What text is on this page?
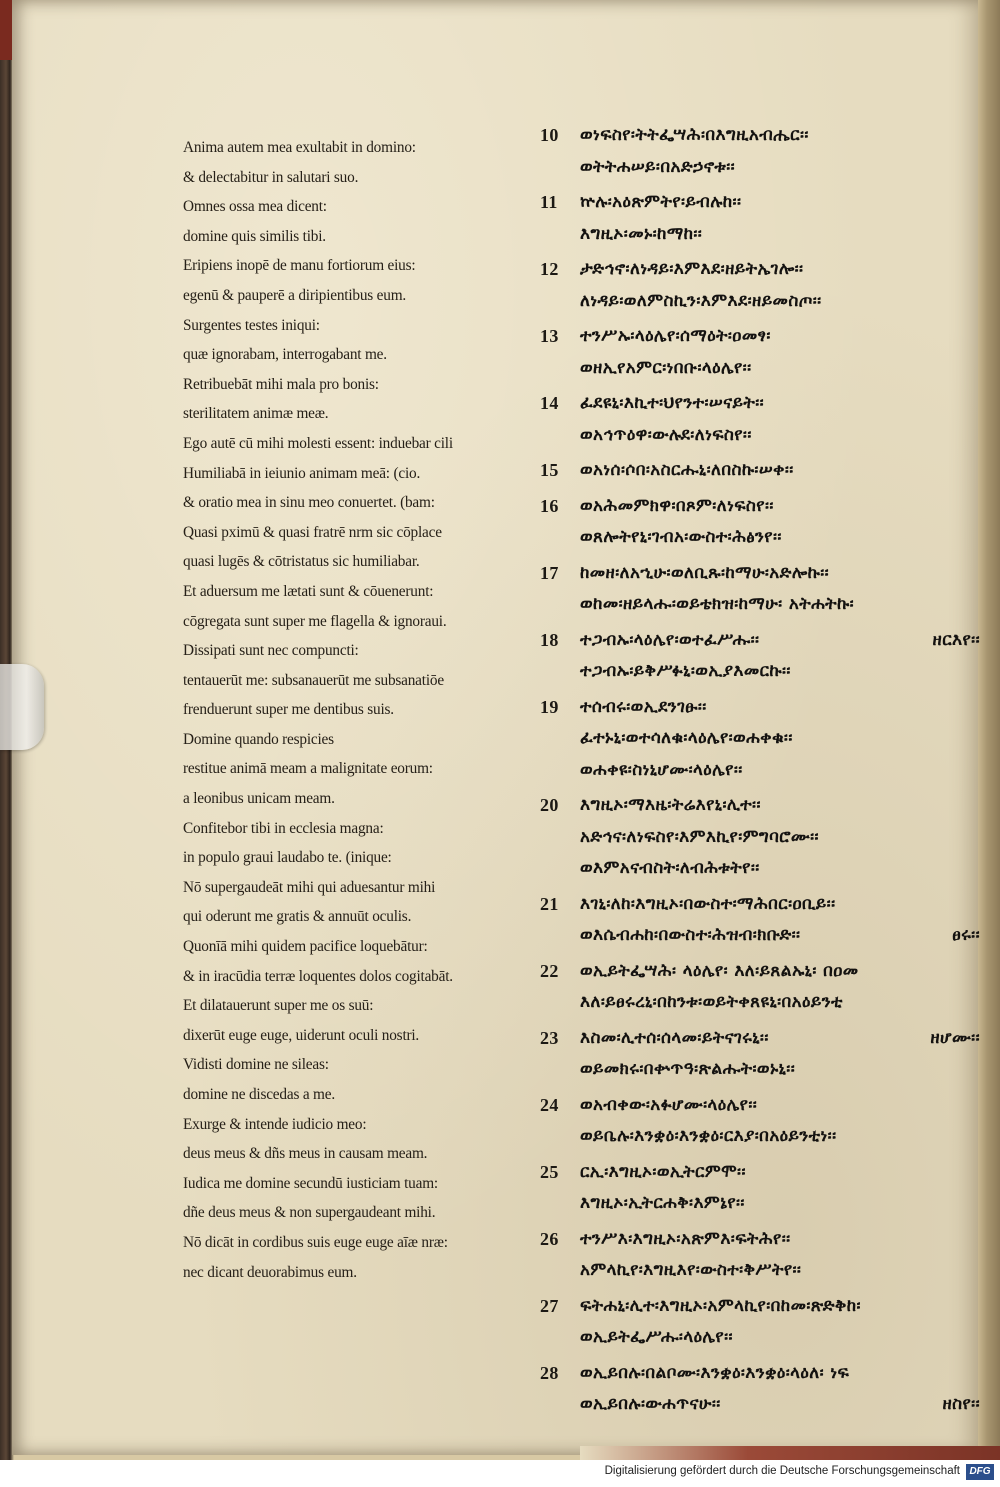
Anima autem mea exultabit in domino:
& delectabitur in salutari suo.
Omnes ossa mea dicent:
domine quis similis tibi.
Eripiens inopē de manu fortiorum eius:
egenū & pauperē a diripientibus eum.
Surgentes testes iniqui:
quæ ignorabam, interrogabant me.
Retribuebāt mihi mala pro bonis:
sterilitatem animæ meæ.
Ego autē cū mihi molesti essent: induebar cili
Humiliabā in ieiunio animam meā: (cio.
& oratio mea in sinu meo conuertet. (bam:
Quasi pximū & quasi fratrē nrm sic cōplace
quasi lugēs & cōtristatus sic humiliabar.
Et aduersum me lætati sunt & cōuenerunt:
cōgregata sunt super me flagella & ignoraui.
Dissipati sunt nec compuncti:
tentauerūt me: subsanauerūt me subsanatiōe
frenduerunt super me dentibus suis.
Domine quando respicies
restitue animā meam a malignitate eorum:
a leonibus unicam meam.
Confitebor tibi in ecclesia magna:
in populo graui laudabo te. (inique:
Nō supergaudeāt mihi qui aduesantur mihi
qui oderunt me gratis & annuūt oculis.
Quonīā mihi quidem pacifice loquebātur:
& in iracūdia terræ loquentes dolos cogitabāt.
Et dilatauerunt super me os suū:
dixerūt euge euge, uiderunt oculi nostri.
Vidisti domine ne sileas:
domine ne discedas a me.
Exurge & intende iudicio meo:
deus meus & dñs meus in causam meam.
Iudica me domine secundū iusticiam tuam:
dñe deus meus & non supergaudeant mihi.
Nō dicāt in cordibus suis euge euge aīæ nræ:
nec dicant deuorabimus eum.
10	ወነፍስየ፡ትትፌሣሕ፡በእግዚአብሔር፡፡
ወትትሐሠይ፡በአድኃኖቱ፡፡
11	ኵሉ፡አዕጽምትየ፡ይብሉከ፡፡
እግዚኦ፡መኑ፡ከማከ፡፡
12	ታድኅኖ፡ለነዳይ፡እምእደ፡ዘይትኤገሎ፡፡
ለነዳይ፡ወለምስኪን፡እምእደ፡ዘይመስጦ፡፡
13	ተንሥኡ፡ላዕሌየ፡ሰማዕት፡ዐመፃ፡
ወዘኢየአምር፡ነበቡ፡ላዕሌየ፡፡
14	ፈደዩኒ፡እኪተ፡ህየንተ፡ሠናይት፡፡
ወአኅጥዕዋ፡ውሉደ፡ለነፍስየ፡፡
15	ወአነሰ፡ሶበ፡አስርሑኒ፡ለበስኩ፡ሠቀ፡፡
16	ወአሕመምክዋ፡በጾም፡ለነፍስየ፡፡
ወጸሎትየኒ፡ገብአ፡ውስተ፡ሕፅንየ፡፡
17	ከመዘ፡ለአኂሁ፡ወለቢጹ፡ከማሁ፡አድሎኩ፡፡
ወከመ፡ዘይላሑ፡ወይቴክዝ፡ከማሁ፡ አትሐትኩ፡
18	ተጋብኡ፡ላዕሌየ፡ወተፈሥሑ፡፡	ዘርእየ፡፡
ተጋብኡ፡ይቅሥፉኒ፡ወኢያእመርኩ፡፡
19	ተሰብሩ፡ወኢደንገፁ፡፡
ፈተኑኒ፡ወተሳለቁ፡ላዕሌየ፡ወሐቀቁ፡፡
ወሐቀዩ፡ስነኒሆሙ፡ላዕሌየ፡፡
20	እግዚኦ፡ማእዜ፡ትሬእየኒ፡ሊተ፡፡
አድኅና፡ለነፍስየ፡እምእኪየ፡ምግባሮሙ፡፡
ወእምአናብስት፡ለብሕቱትየ፡፡
21	እገኒ፡ለከ፡እግዚኦ፡በውስተ፡ማሕበር፡ዐቢይ፡፡
ወእሴብሐከ፡በውስተ፡ሕዝብ፡ክቡድ፡፡	ፀሩ፡፡
22	ወኢይትፌሣሕ፡ ላዕሌየ፡ እለ፡ይጸልኡኒ፡ በዐመ
እለ፡ይፀሩረኒ፡በከንቱ፡ወይትቀጸዩኒ፡በአዕይንቲ
23	እስመ፡ሊተሰ፡ሰላመ፡ይትናገሩኒ፡፡	ዘሆሙ፡፡
ወይመክሩ፡በቍጥዓ፡ጽልሑት፡ወኑኒ፡፡
24	ወአብቀው፡አፉሆሙ፡ላዕሌየ፡፡
ወይቤሉ፡እንቋዕ፡እንቋዕ፡ርእያ፡በአዕይንቲነ፡፡
25	ርኢ፡እግዚኦ፡ወኢትርምሞ፡፡
እግዚኦ፡ኢትርሐቅ፡እምኔየ፡፡
26	ተንሥእ፡እግዚኦ፡አጽምእ፡ፍትሕየ፡፡
አምላኪየ፡እግዚእየ፡ውስተ፡ቅሥትየ፡፡
27	ፍትሐኒ፡ሊተ፡እግዚኦ፡አምላኪየ፡በከመ፡ጽድቅከ፡
ወኢይትፌሥሑ፡ላዕሌየ፡፡
28	ወኢይበሉ፡በልቦሙ፡እንቋዕ፡እንቋዕ፡ላዕለ፡ ነፍ
ወኢይበሉ፡ውሐጥናሁ፡፡	ዘስየ፡፡
Digitalisierung gefördert durch die Deutsche Forschungsgemeinschaft DFG
